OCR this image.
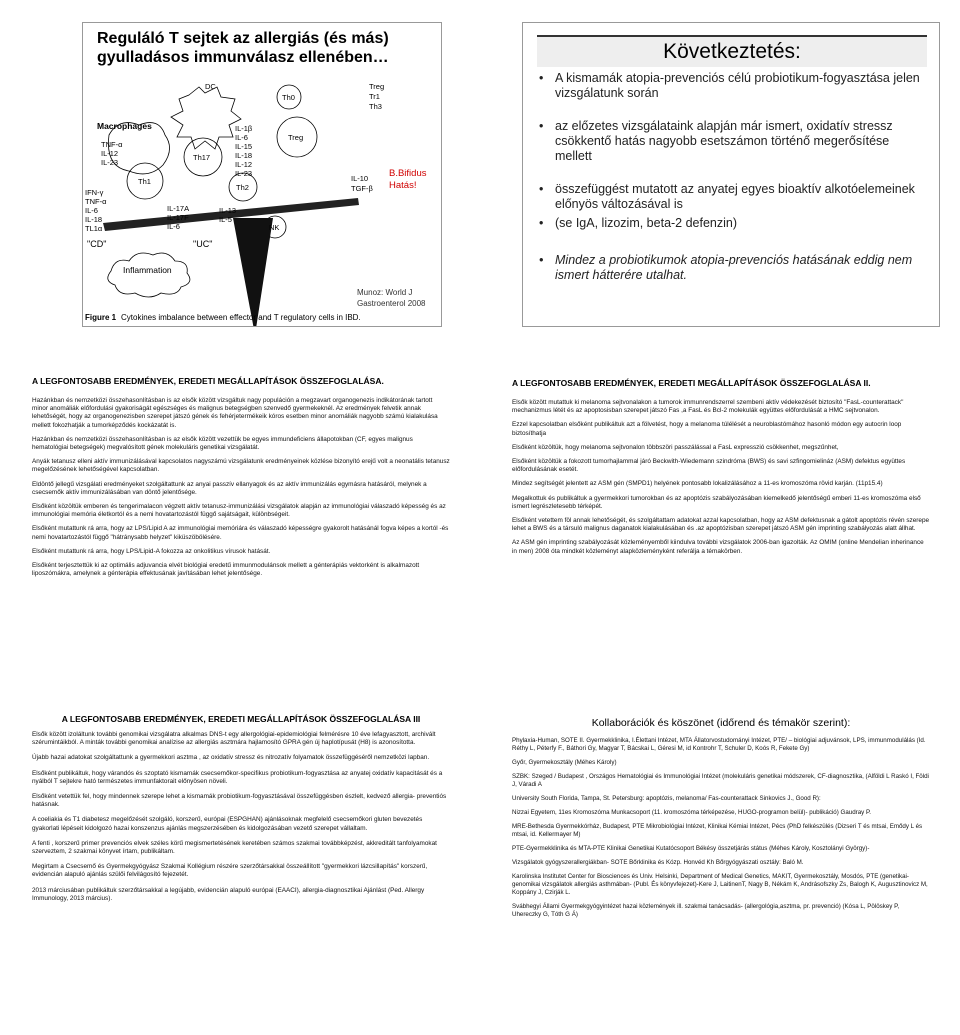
Reguláló T sejtek az allergiás (és más) gyulladásos immunválasz ellenében…
DC	Treg
Tr1
Th3
Th0
Macrophages
TNF-α
IL-12
IL-23
Th17
IL-1β
IL-6
IL-15
IL-18
IL-12
IL-23
Treg
Th1
Th2
NK
IFN-γ
TNF-α
IL-6
IL-18
TL1α
"CD"	"UC"
IL-17A
IL-17F
IL-6
IL-13
IL-5
IL-10
TGF-β
B.Bifidus
Hatás!
Inflammation
Munoz: World J
Gastroenterol 2008
Figure 1 Cytokines imbalance between effector and T regulatory cells in IBD.
Következtetés:
• A kismamák atopia-prevenciós célú probiotikum-fogyasztása jelen vizsgálatunk során
• az előzetes vizsgálataink alapján már ismert, oxidatív stressz csökkentő hatás nagyobb esetszámon történő megerősítése mellett
• összefüggést mutatott az anyatej egyes bioaktív alkotóelemeinek előnyös változásával is
• (se IgA, lizozim, beta-2 defenzin)
• Mindez a probiotikumok atopia-prevenciós hatásának eddig nem ismert hátterére utalhat.
A LEGFONTOSABB EREDMÉNYEK, EREDETI MEGÁLLAPÍTÁSOK ÖSSZEFOGLALÁSA.

Hazánkban és nemzetközi összehasonlításban is az elsők között vizsgáltuk nagy populáción a megzavart organogenezis indikátorának tartott minor anomáliák előfordulási gyakoriságát egészséges és malignus betegségben szenvedő gyermekeknél. Az eredmények felvetik annak lehetőségét, hogy az organogenezisben szerepet játszó gének és fehérjetermékeik kóros esetben minor anomáliák nagyobb számú kialakulása mellett fokozhatják a tumorképződés kockázatát is.

Hazánkban és nemzetközi összehasonlításban is az elsők között vezettük be egyes immundeficiens állapotokban (CF, egyes malignus hematológiai betegségek) megvalósított gének molekuláris genetikai vizsgálatát.

Anyák tetanusz elleni aktív immunizálásával kapcsolatos nagyszámú vizsgálatunk eredményeinek közlése bizonyító erejű volt a neonatális tetanusz megelőzésének lehetőségével kapcsolatban.

Eldöntő jellegű vizsgálati eredményeket szolgáltattunk az anyai passzív ellanyagok és az aktív immunizálás egymásra hatásáról, melynek a csecsemők aktív immunizálásában van döntő jelentősége.

Elsőként közöltük emberen és tengerimalacon végzett aktív tetanusz-immunizálási vizsgálatok alapján az immunológiai válaszadó képesség és az immunológiai memória életkortól és a nemi hovatartozástól függő sajátságait, különbségeit.

Elsőként mutattunk rá arra, hogy az LPS/Lipid A az immunológiai memóriára és válaszadó képességre gyakorolt hatásánál fogva képes a kortól -és nemi hovatartozástól függő "hátránysabb helyzet" kiküszöbölésére.

Elsőként mutattunk rá arra, hogy LPS/Lipid-A fokozza az onkolitikus vírusok hatását.

Elsőként terjesztettük ki az optimális adjuvancia elvét biológiai eredetű immunmodulánsok mellett a génterápiás vektorként is alkalmazott liposzómákra, amelynek a génterápia effektusának javításában lehet jelentősége.

A LEGFONTOSABB EREDMÉNYEK, EREDETI MEGÁLLAPÍTÁSOK ÖSSZEFOGLALÁSA II.

Elsők között mutattuk ki melanoma sejtvonalakon a tumorok immunrendszerrel szembeni aktív védekezését biztosító "FasL-counterattack" mechanizmus létét és az apoptosisban szerepet játszó Fas ,a FasL és Bcl-2 molekulák együttes előfordulását a HMC sejtvonalon.

Ezzel kapcsolatban elsőként publikáltuk azt a fölvetést, hogy a melanoma túlélését a neuroblastómához hasonló módon egy autocrin loop biztosíthatja

Elsőként közöltük, hogy melanoma sejtvonalon többszöri passzálással a FasL expresszió csökkenhet, megszűnhet,

Elsőként közöltük a fokozott tumorhajlammal járó Beckwith-Wiedemann szindróma (BWS) és savi szfingomielináz (ASM) defektus együttes előfordulásának esetét.

Mindez segítségét jelentett az ASM gén (SMPD1) helyének pontosabb lokalizálásához a 11-es kromoszóma rövid karján. (11p15.4)

Megalkottuk és publikáltuk a gyermekkori tumorokban és az apoptózis szabályozásában kiemelkedő jelentőségű emberi 11-es kromoszóma első ismert legrészletesebb térképét.

Elsőként vetettem föl annak lehetőségét, és szolgáltattam adatokat azzal kapcsolatban, hogy az ASM defektusnak a gátolt apoptózis révén szerepe lehet a BWS és a társuló malignus daganatok kialakulásában és .az apoptózisban szerepet játszó ASM gén imprinting szabályozás alatt állhat.

Az ASM gén imprinting szabályozását közleményemből kiindulva további vizsgálatok 2006-ban igazolták. Az OMIM (online Mendelian inherinance in men) 2008 óta mindkét közleményt alapközleményként referálja a témakörben.

A LEGFONTOSABB EREDMÉNYEK, EREDETI MEGÁLLAPÍTÁSOK ÖSSZEFOGLALÁSA III

Elsők között izoláltunk további genomikai vizsgálatra alkalmas DNS-t egy allergológiai-epidemiológiai felmérésre 10 éve lefagyasztott, archivált szérumintáikból. A minták további genomikai analízise az allergiás asztmára hajlamosító GPRA gén új haplotípusát (H8) is azonosította.

Újabb hazai adatokat szolgáltattunk a gyermekkori asztma , az oxidatív stressz és nitrozatív folyamatok összefüggéséről nemzetközi lapban.

Elsőként publikáltuk, hogy várandós és szoptató kismamák csecsemőkor-specifikus probiotikum-fogyasztása az anyatej oxidatív kapacitását és a nyálból T sejtekre ható természetes immunfaktorait előnyösen növeli.

Elsőként vetettük fel, hogy mindennek szerepe lehet a kismamák probiotikum-fogyasztásával összefüggésben észlelt, kedvező allergia- preventiós hatásnak.

A coeliakia és T1 diabetesz megelőzését szolgáló, korszerű, európai (ESPGHAN) ajánlásoknak megfelelő csecsemőkori gluten bevezetés gyakorlati lépéseit kidolgozó hazai konszenzus ajánlás megszerzésében és kidolgozásában vezető szerepet vállaltam.

A fenti , korszerű primer prevenciós elvek széles körű megismertetésének keretében számos szakmai továbbképzést, akkreditált tanfolyamokat szerveztem, 2 szakmai könyvet írtam, publikáltam.

Megirtam a Csecsemő és Gyermekgyógyász Szakmai Kollégium részére szerzőtársakkal összeállított "gyermekkori lázcsillapítás" korszerű, evidencián alapuló ajánlás szülői felvilágosító fejezetét.

2013 márciusában publikáltuk szerzőtársakkal a legújabb, evidencián alapuló európai (EAACI), allergia-diagnosztikai Ajánlást (Ped. Allergy Immunology, 2013 március).

Kollaborációk és köszönet (időrend és témakör szerint):

Phylaxia-Human, SOTE II. Gyermekklinika, I.Élettani Intézet, MTA Állatorvostudományi Intézet, PTE/ – biológiai adjuvánsok, LPS, immunmodulálás (Id. Réthy L, Péterfy F., Báthori Gy, Magyar T, Bácskai L, Géresi M, id Kontrohr T, Schuler D, Koós R, Fekete Gy)

Győr, Gyermekosztály (Méhes Károly)

SZBK: Szeged / Budapest , Országos Hematológiai és Immunológiai Intézet (molekuláris genetikai módszerek, CF-diagnosztika, (Alföldi L Raskó I, Földi J, Váradi A

University South Florida, Tampa, St. Petersburg: apoptózis, melanoma/ Fas-counterattack Sinkovics J., Good R):

Nizzai Egyetem, 11es Kromoszóma Munkacsoport (11. kromoszóma térképezése, HUGO-programon belül)- publikáció) Gaudray P.

MRE-Bethesda Gyermekkórház, Budapest, PTE Mikrobiológiai Intézet, Klinikai Kémiai Intézet, Pécs (PhD felkészülés (Dizseri T és mtsai, Emődy L és mtsai, id. Kellermayer M)

PTE-Gyermekklinika és MTA-PTE Klinikai Genetikai Kutatócsoport Békésy összetjárás státus (Méhes Károly, Kosztolányi György)-

Vizsgálatok gyógyszerallergiákban- SOTE Bőrklinika és Kózp. Honvéd Kh Bőrgyógyászati osztály: Baló M.

Karolinska Institutet Center for Biosciences és Univ. Helsinki, Department of Medical Genetics, MAKIT, Gyermekosztály, Mosdós, PTE (genetikai-genomikai vizsgálatok allergiás asthmában- (Publ. És könyvfejezet)-Kere J, LaitinenT, Nagy B, Nékám K, Andrásofszky Zs, Balogh K, Augusztinovicz M, Koppány J, Czirják L.

Svábhegyi Állami Gyermekgyógyintézet hazai közlemények ill. szakmai tanácsadás- (allergológia,asztma, pr. prevenció) (Kósa L, Pölöskey P, Uhereczky G, Tóth G Á)
